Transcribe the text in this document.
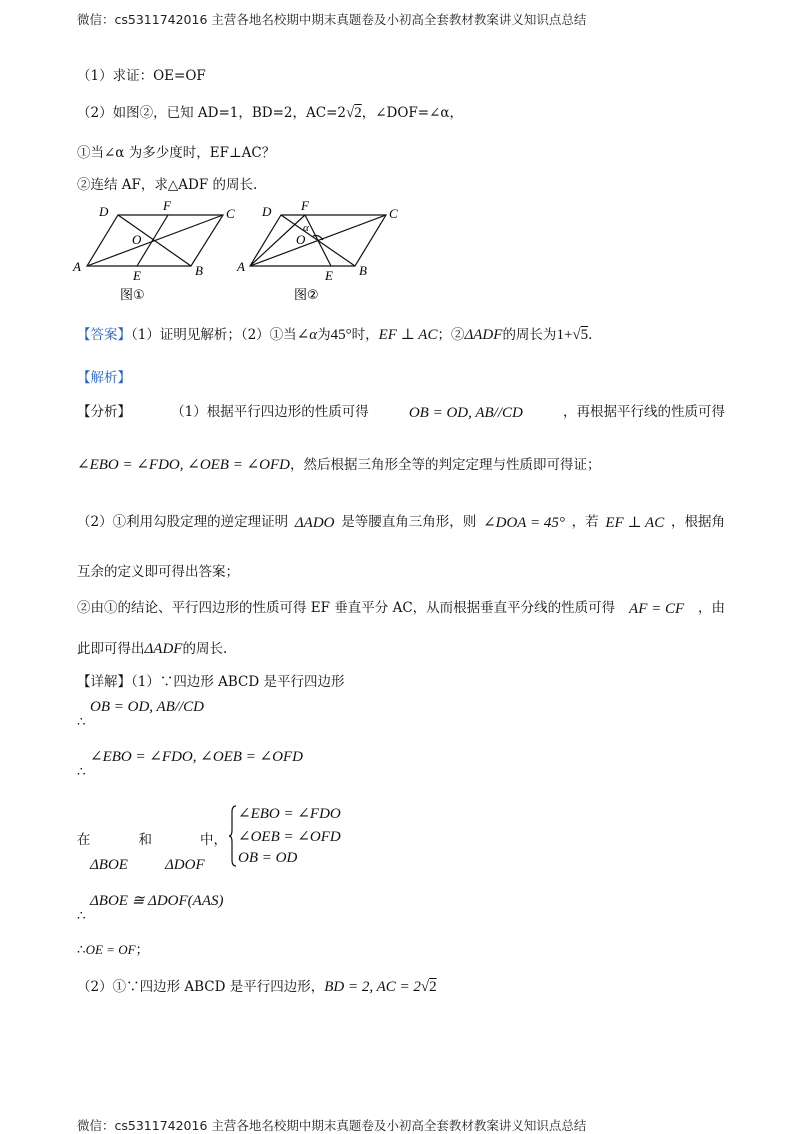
微信：cs5311742016 主营各地名校期中期末真题卷及小初高全套教材教案讲义知识点总结
（1）求证：OE=OF
（2）如图②，已知 AD=1，BD=2，AC=2√2，∠DOF=∠α，
①当∠α 为多少度时，EF⊥AC？
②连结 AF，求△ADF 的周长.
A	B
C
D
E
F
O
图①
A	B
C
D
E
F
O
α
图②
【答案】（1）证明见解析；（2）①当∠α为45°时，EF ⊥ AC；②ΔADF的周长为1+√5.
【解析】
【分析】	（1）根据平行四边形的性质可得	OB = OD, AB//CD	，再根据平行线的性质可得
∠EBO = ∠FDO, ∠OEB = ∠OFD，然后根据三角形全等的判定定理与性质即可得证；
（2）①利用勾股定理的逆定理证明 ΔADO 是等腰直角三角形，则 ∠DOA = 45° ，若 EF ⊥ AC ，根据角
互余的定义即可得出答案；
②由①的结论、平行四边形的性质可得 EF 垂直平分 AC，从而根据垂直平分线的性质可得 AF = CF ，由
此即可得出ΔADF的周长.
【详解】（1）∵四边形 ABCD 是平行四边形
OB = OD, AB//CD
∴
∠EBO = ∠FDO, ∠OEB = ∠OFD
∴
在	和	中，
ΔBOE ΔDOF
∠EBO = ∠FDO
∠OEB = ∠OFD
OB = OD
ΔBOE ≅ ΔDOF(AAS)
∴
∴OE = OF；
（2）①∵四边形 ABCD 是平行四边形，BD = 2, AC = 2√2
微信：cs5311742016 主营各地名校期中期末真题卷及小初高全套教材教案讲义知识点总结
